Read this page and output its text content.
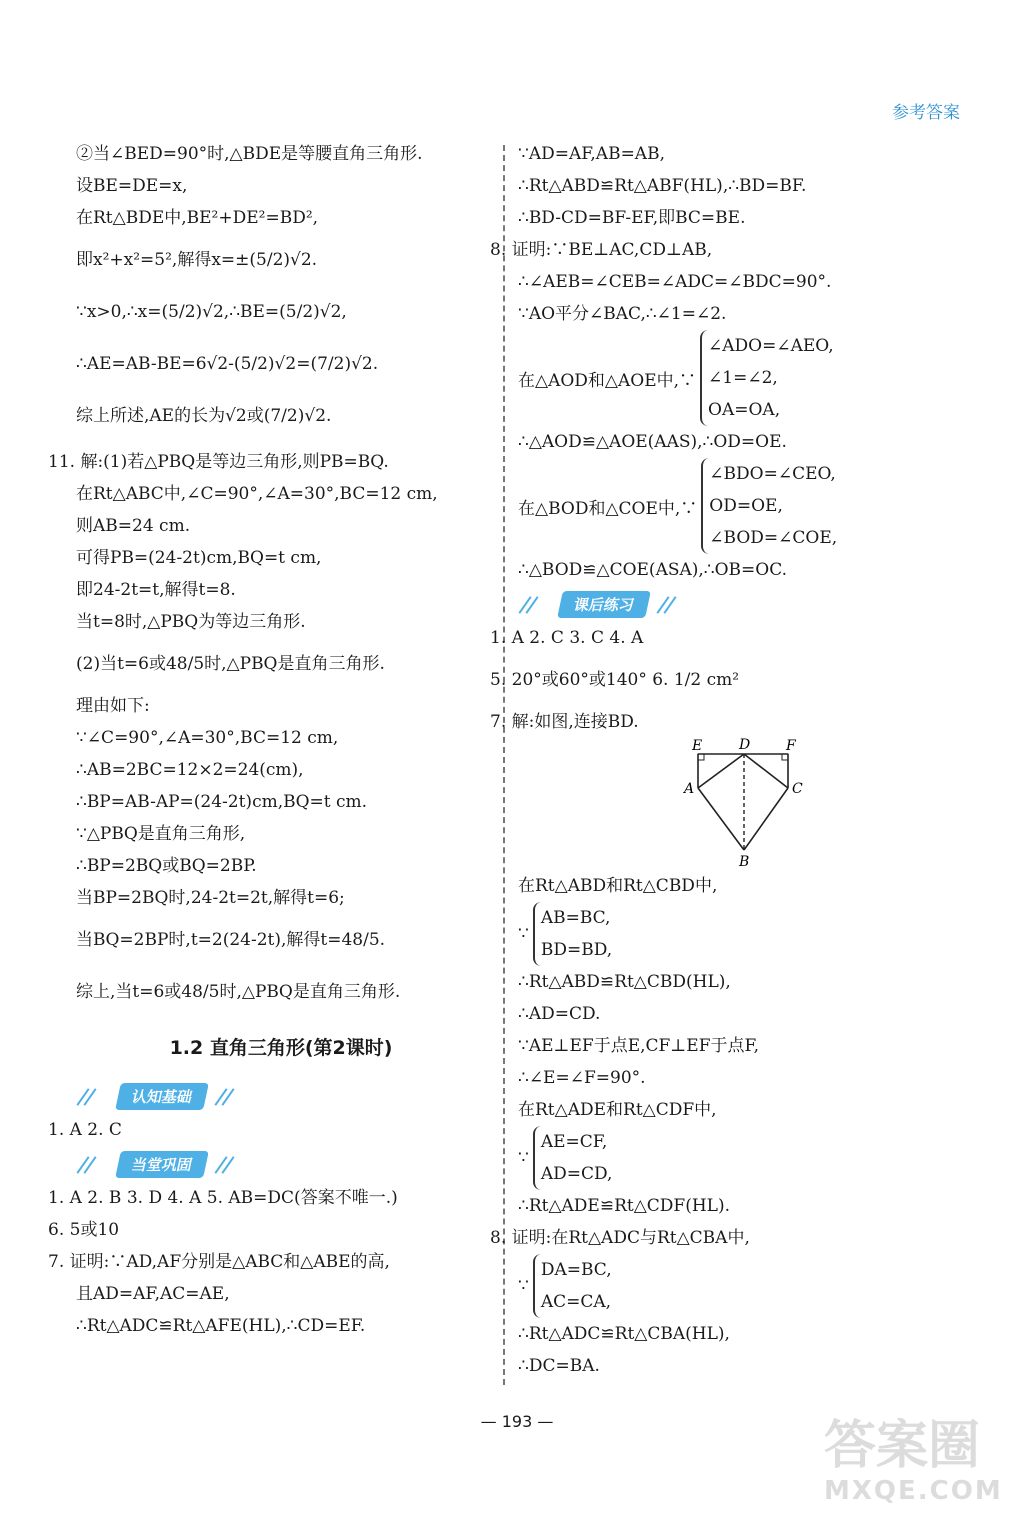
参考答案
②当∠BED=90°时,△BDE是等腰直角三角形.
设BE=DE=x,
在Rt△BDE中,BE²+DE²=BD²,
即x²+x²=5²,解得x=±(5/2)√2.
∵x>0,∴x=(5/2)√2,∴BE=(5/2)√2,
∴AE=AB-BE=6√2-(5/2)√2=(7/2)√2.
综上所述,AE的长为√2或(7/2)√2.
11. 解:(1)若△PBQ是等边三角形,则PB=BQ.
在Rt△ABC中,∠C=90°,∠A=30°,BC=12 cm,
则AB=24 cm.
可得PB=(24-2t)cm,BQ=t cm,
即24-2t=t,解得t=8.
当t=8时,△PBQ为等边三角形.
(2)当t=6或48/5时,△PBQ是直角三角形.
理由如下:
∵∠C=90°,∠A=30°,BC=12 cm,
∴AB=2BC=12×2=24(cm),
∴BP=AB-AP=(24-2t)cm,BQ=t cm.
∵△PBQ是直角三角形,
∴BP=2BQ或BQ=2BP.
当BP=2BQ时,24-2t=2t,解得t=6;
当BQ=2BP时,t=2(24-2t),解得t=48/5.
综上,当t=6或48/5时,△PBQ是直角三角形.
1.2 直角三角形(第2课时)
认知基础
1. A 2. C
当堂巩固
1. A 2. B 3. D 4. A 5. AB=DC(答案不唯一.)
6. 5或10
7. 证明:∵AD,AF分别是△ABC和△ABE的高,
且AD=AF,AC=AE,
∴Rt△ADC≌Rt△AFE(HL),∴CD=EF.
∵AD=AF,AB=AB,
∴Rt△ABD≌Rt△ABF(HL),∴BD=BF.
∴BD-CD=BF-EF,即BC=BE.
8. 证明:∵BE⊥AC,CD⊥AB,
∴∠AEB=∠CEB=∠ADC=∠BDC=90°.
∵AO平分∠BAC,∴∠1=∠2.
在△AOD和△AOE中,∵
∠ADO=∠AEO,
∠1=∠2,
OA=OA,
∴△AOD≌△AOE(AAS),∴OD=OE.
在△BOD和△COE中,∵
∠BDO=∠CEO,
OD=OE,
∠BOD=∠COE,
∴△BOD≌△COE(ASA),∴OB=OC.
课后练习
1. A 2. C 3. C 4. A
5. 20°或60°或140° 6. 1/2 cm²
7. 解:如图,连接BD.
E	D	F
A	C
B
在Rt△ABD和Rt△CBD中,
∵
AB=BC,
BD=BD,
∴Rt△ABD≌Rt△CBD(HL),
∴AD=CD.
∵AE⊥EF于点E,CF⊥EF于点F,
∴∠E=∠F=90°.
在Rt△ADE和Rt△CDF中,
∵
AE=CF,
AD=CD,
∴Rt△ADE≌Rt△CDF(HL).
8. 证明:在Rt△ADC与Rt△CBA中,
∵
DA=BC,
AC=CA,
∴Rt△ADC≌Rt△CBA(HL),
∴DC=BA.
— 193 —	答案圈
MXQE.COM
